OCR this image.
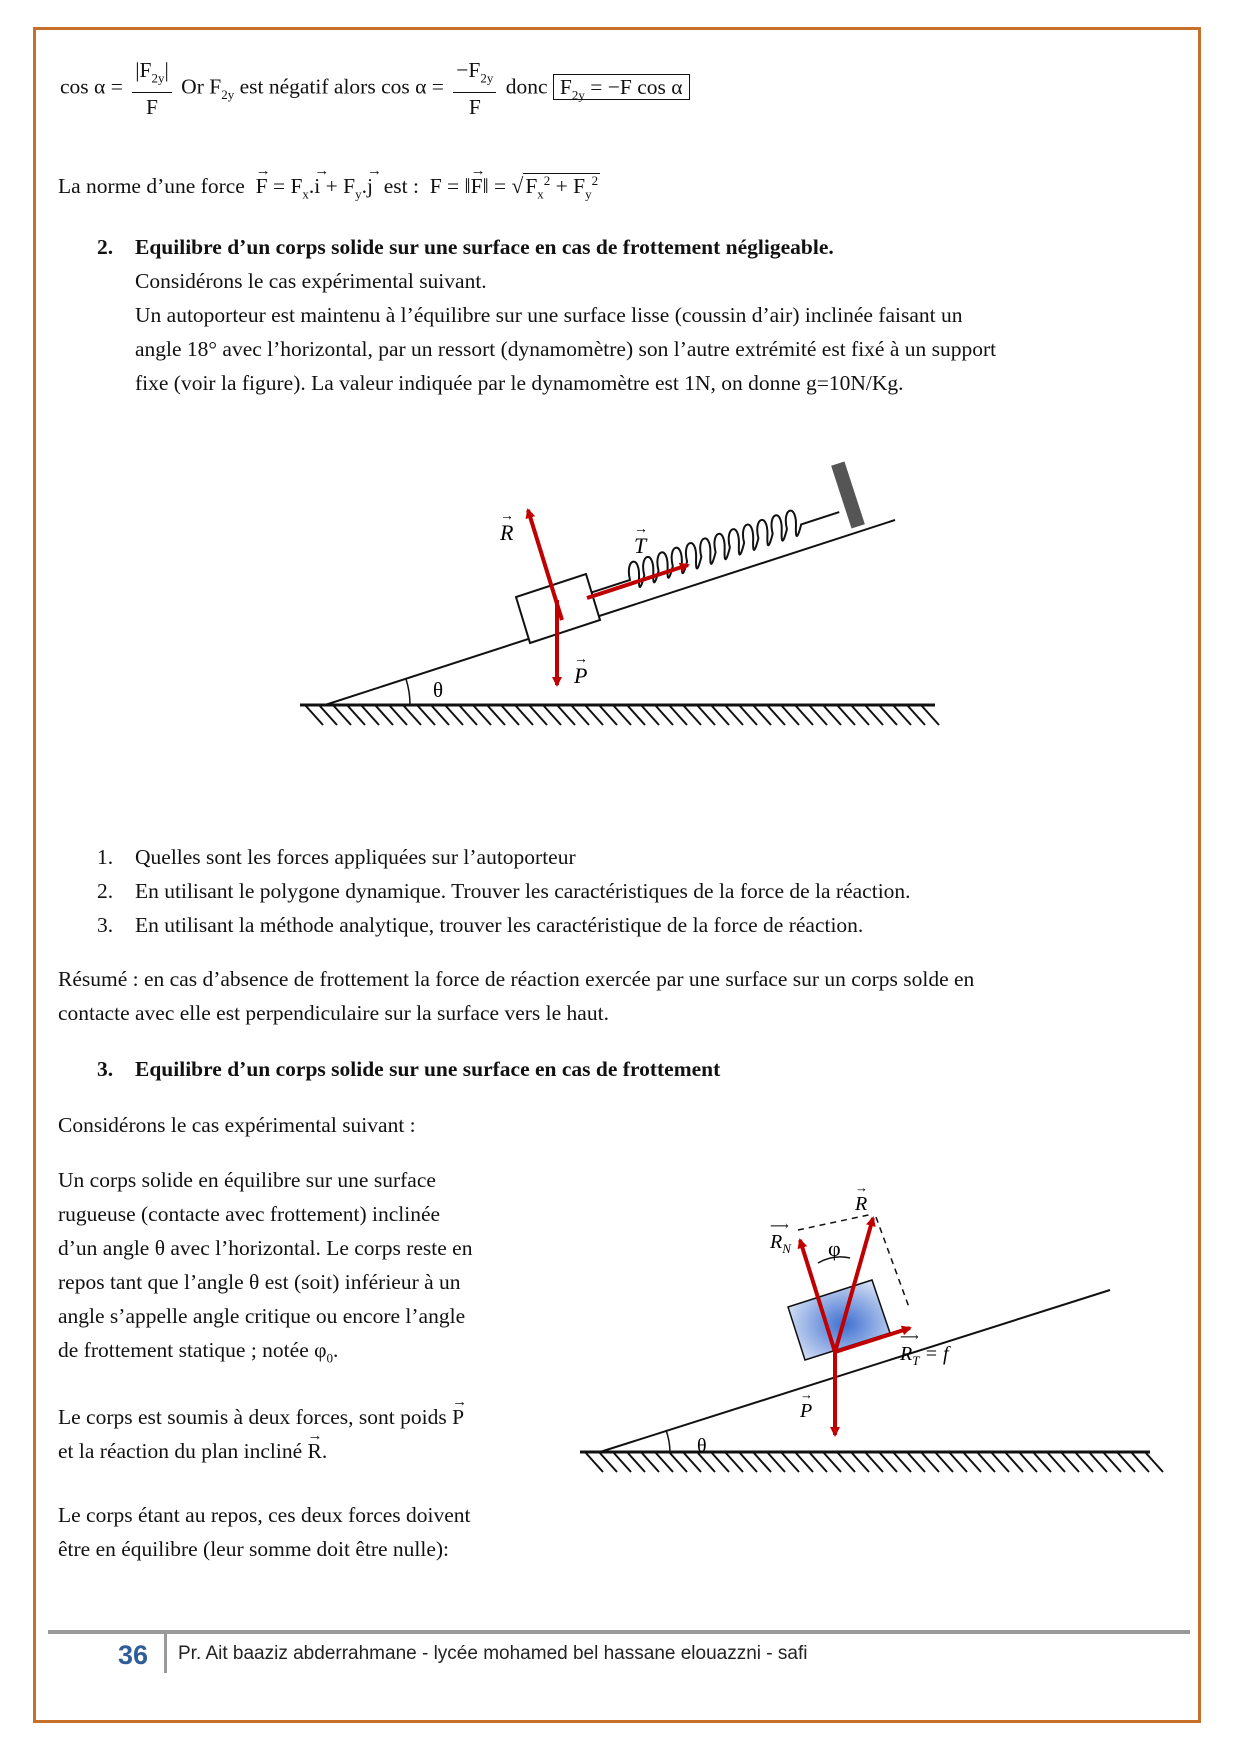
$\cos \alpha = \frac{|F_{2y}|}{F}$ Or $F_{2y}$ est négatif alors $\cos \alpha = \frac{-F_{2y}}{F}$ donc $F_{2y} = -F$ cos α
La norme d’une force → $F = F_x.\to i + F_y.\to j$ est : F = ‖→ F‖ = $√F_x^2 + F_y^2$
2. Equilibre d’un corps solide sur une surface en cas de frottement négligeable.
Considérons le cas expérimental suivant.
Un autoporteur est maintenu à l’équilibre sur une surface lisse (coussin d’air) inclinée faisant un
angle 18° avec l’horizontal, par un ressort (dynamomètre) son l’autre extrémité est fixé à un support
fixe (voir la figure). La valeur indiquée par le dynamomètre est 1N, on donne g=10N/Kg.
θ
R
→
T
→
P
→
1. Quelles sont les forces appliquées sur l’autoporteur
2. En utilisant le polygone dynamique. Trouver les caractéristiques de la force de la réaction.
3. En utilisant la méthode analytique, trouver les caractéristique de la force de réaction.
Résumé : en cas d’absence de frottement la force de réaction exercée par une surface sur un corps solde en
contacte avec elle est perpendiculaire sur la surface vers le haut.
3. Equilibre d’un corps solide sur une surface en cas de frottement
Considérons le cas expérimental suivant :
Un corps solide en équilibre sur une surface
rugueuse (contacte avec frottement) inclinée
d’un angle θ avec l’horizontal. Le corps reste en
repos tant que l’angle θ est (soit) inférieur à un
angle s’appelle angle critique ou encore l’angle
de frottement statique ; notée $\varphi_0$.
Le corps est soumis à deux forces, sont poids → P
et la réaction du plan incliné → R.
Le corps étant au repos, ces deux forces doivent
être en équilibre (leur somme doit être nulle):
θ
R
→
$R_N$
⟶
φ
$R_T = f$
⟶
P
→
36 Pr. Ait baaziz abderrahmane - lycée mohamed bel hassane elouazzni - safi
